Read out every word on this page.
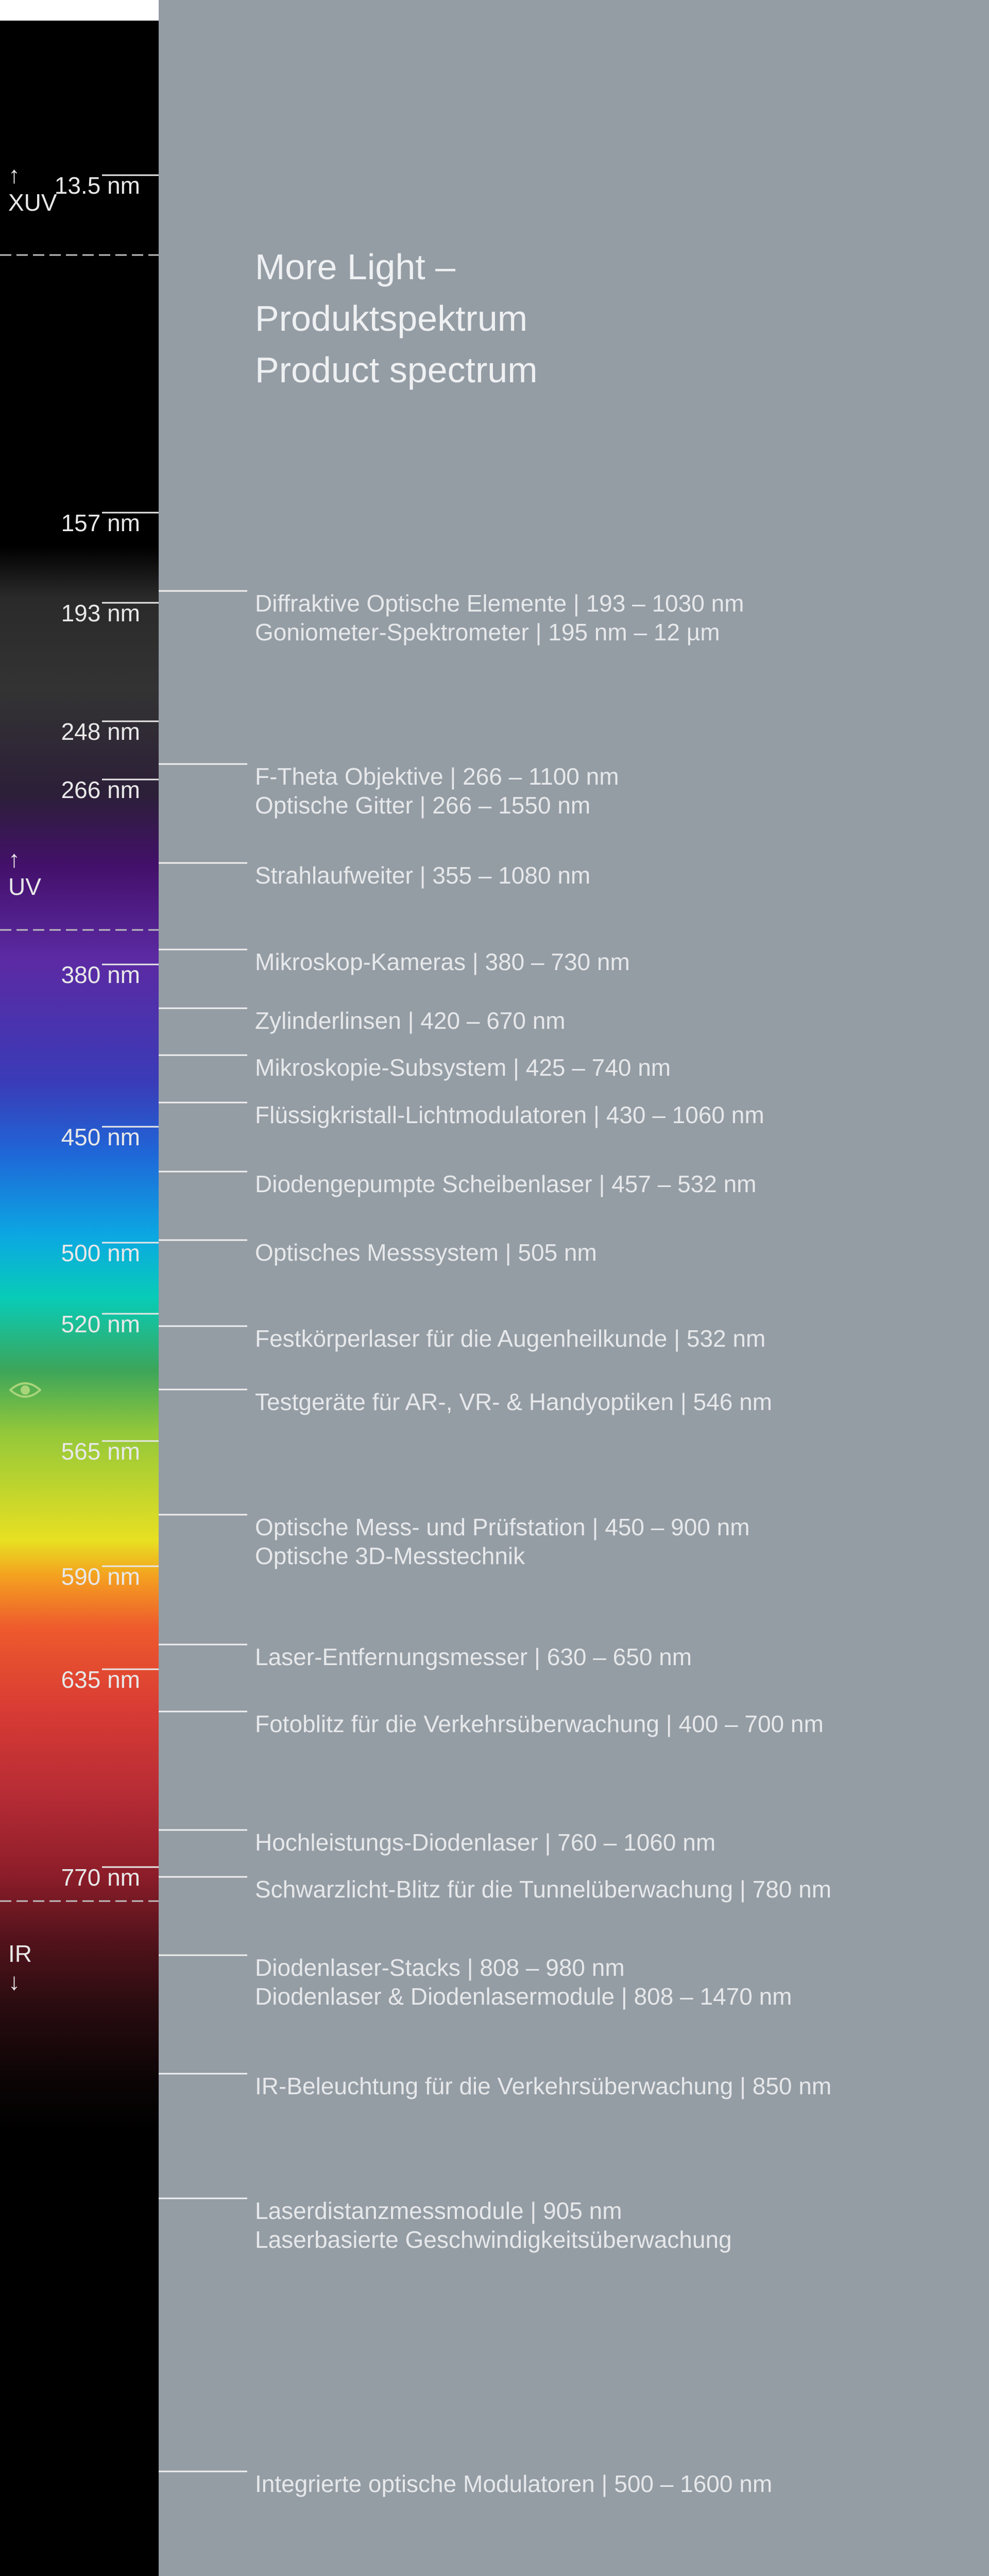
More Light –
Produktspektrum
Product spectrum
13.5 nm
157 nm
193 nm
248 nm
266 nm
380 nm
450 nm
500 nm
520 nm
565 nm
590 nm
635 nm
770 nm
↑
XUV
↑
UV
IR
↓
Diffraktive Optische Elemente | 193 – 1030 nm
Goniometer-Spektrometer | 195 nm – 12 µm
F-Theta Objektive | 266 – 1100 nm
Optische Gitter | 266 – 1550 nm
Strahlaufweiter | 355 – 1080 nm
Mikroskop-Kameras | 380 – 730 nm
Zylinderlinsen | 420 – 670 nm
Mikroskopie-Subsystem | 425 – 740 nm
Flüssigkristall-Lichtmodulatoren | 430 – 1060 nm
Diodengepumpte Scheibenlaser | 457 – 532 nm
Optisches Messsystem | 505 nm
Festkörperlaser für die Augenheilkunde | 532 nm
Testgeräte für AR-, VR- & Handyoptiken | 546 nm
Optische Mess- und Prüfstation | 450 – 900 nm
Optische 3D-Messtechnik
Laser-Entfernungsmesser | 630 – 650 nm
Fotoblitz für die Verkehrsüberwachung | 400 – 700 nm
Hochleistungs-Diodenlaser | 760 – 1060 nm
Schwarzlicht-Blitz für die Tunnelüberwachung | 780 nm
Diodenlaser-Stacks | 808 – 980 nm
Diodenlaser & Diodenlasermodule | 808 – 1470 nm
IR-Beleuchtung für die Verkehrsüberwachung | 850 nm
Laserdistanzmessmodule | 905 nm
Laserbasierte Geschwindigkeitsüberwachung
Integrierte optische Modulatoren | 500 – 1600 nm
